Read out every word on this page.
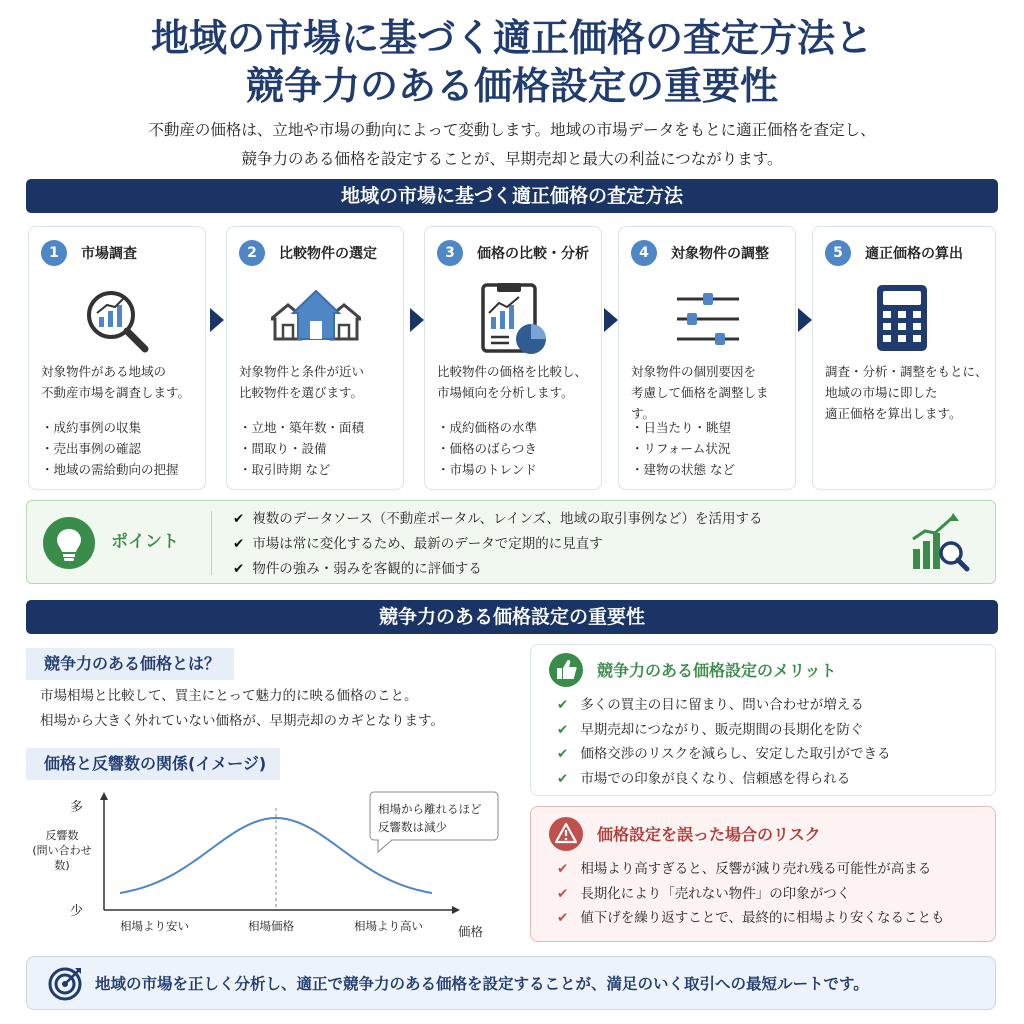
地域の市場に基づく適正価格の査定方法と
競争力のある価格設定の重要性
不動産の価格は、立地や市場の動向によって変動します。地域の市場データをもとに適正価格を査定し、
競争力のある価格を設定することが、早期売却と最大の利益につながります。
地域の市場に基づく適正価格の査定方法
1	市場調査
対象物件がある地域の
不動産市場を調査します。
・ 成約事例の収集
・ 売出事例の確認
・ 地域の需給動向の把握
2	比較物件の選定
対象物件と条件が近い
比較物件を選びます。
・ 立地・築年数・面積
・ 間取り・設備
・ 取引時期 など
3	価格の比較・分析
比較物件の価格を比較し、
市場傾向を分析します。
・ 成約価格の水準
・ 価格のばらつき
・ 市場のトレンド
4	対象物件の調整
対象物件の個別要因を
考慮して価格を調整します。
・ 日当たり・眺望
・ リフォーム状況
・ 建物の状態 など
5	適正価格の算出
調査・分析・調整をもとに、
地域の市場に即した
適正価格を算出します。
ポイント
✔ 複数のデータソース（不動産ポータル、レインズ、地域の取引事例など）を活用する
✔ 市場は常に変化するため、最新のデータで定期的に見直す
✔ 物件の強み・弱みを客観的に評価する
競争力のある価格設定の重要性
競争力のある価格とは？
市場相場と比較して、買主にとって魅力的に映る価格のこと。
相場から大きく外れていない価格が、早期売却のカギとなります。
価格と反響数の関係(イメージ)
多
反響数
(問い合わせ数)
少
相場より安い	相場価格	相場より高い	価格
相場から離れるほど
反響数は減少
競争力のある価格設定のメリット
✔ 多くの買主の目に留まり、問い合わせが増える
✔ 早期売却につながり、販売期間の長期化を防ぐ
✔ 価格交渉のリスクを減らし、安定した取引ができる
✔ 市場での印象が良くなり、信頼感を得られる
価格設定を誤った場合のリスク
✔ 相場より高すぎると、反響が減り売れ残る可能性が高まる
✔ 長期化により「売れない物件」の印象がつく
✔ 値下げを繰り返すことで、最終的に相場より安くなることも
地域の市場を正しく分析し、適正で競争力のある価格を設定することが、満足のいく取引への最短ルートです。
